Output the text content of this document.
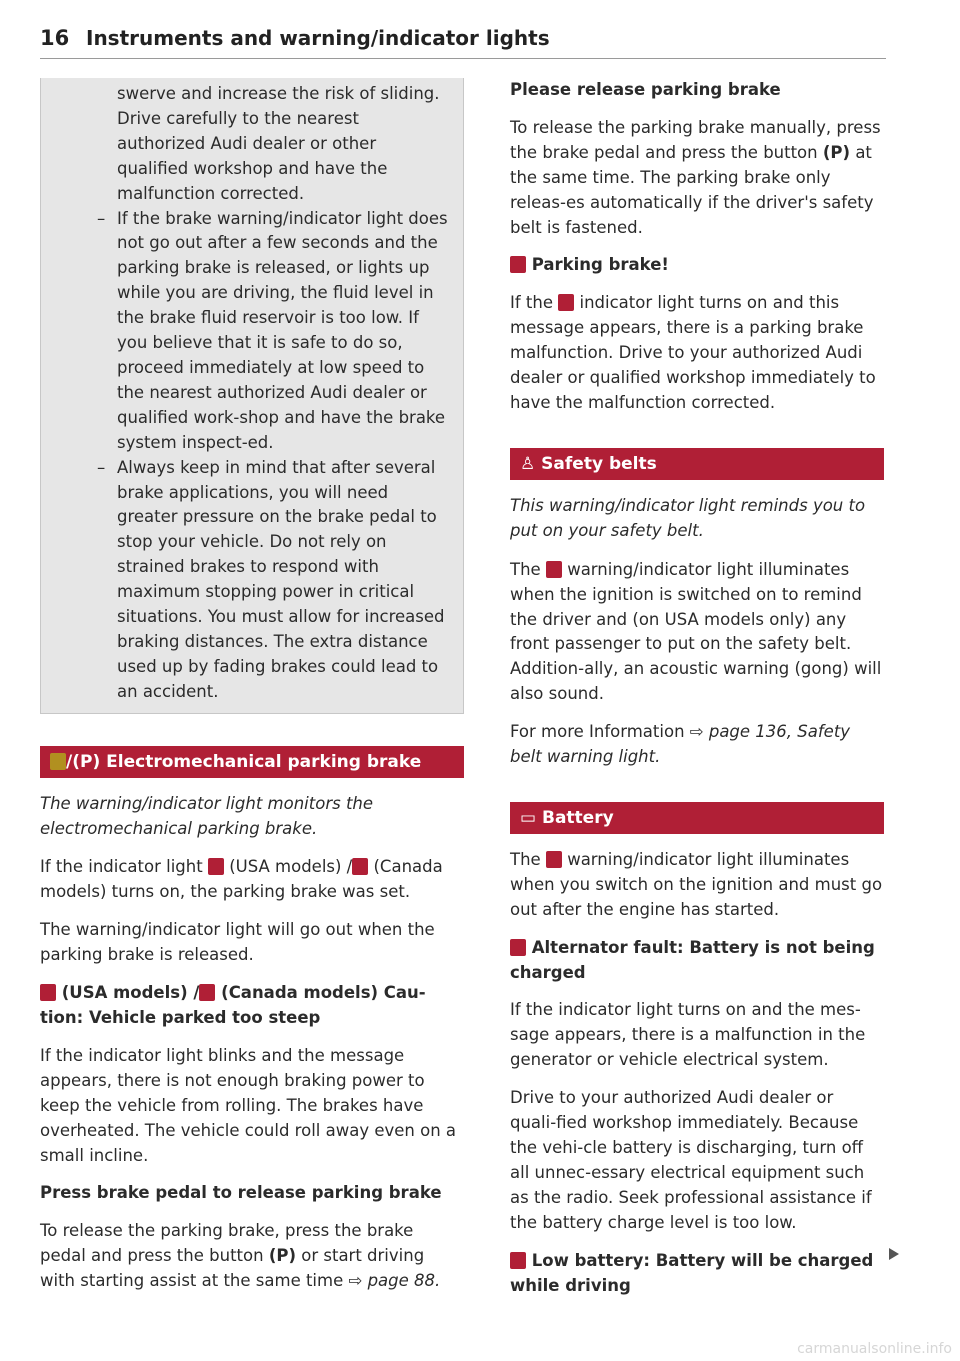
16 Instruments and warning/indicator lights

swerve and increase the risk of sliding. Drive carefully to the nearest authorized Audi dealer or other qualified workshop and have the malfunction corrected.

– If the brake warning/indicator light does not go out after a few seconds and the parking brake is released, or lights up while you are driving, the fluid level in the brake fluid reservoir is too low. If you believe that it is safe to do so, proceed immediately at low speed to the nearest authorized Audi dealer or qualified work-shop and have the brake system inspect-ed.

– Always keep in mind that after several brake applications, you will need greater pressure on the brake pedal to stop your vehicle. Do not rely on strained brakes to respond with maximum stopping power in critical situations. You must allow for increased braking distances. The extra distance used up by fading brakes could lead to an accident.

/(P) Electromechanical parking brake

The warning/indicator light monitors the electromechanical parking brake.

If the indicator light (USA models) / (Canada models) turns on, the parking brake was set.

The warning/indicator light will go out when the parking brake is released.

(USA models) / (Canada models) Cau-tion: Vehicle parked too steep

If the indicator light blinks and the message appears, there is not enough braking power to keep the vehicle from rolling. The brakes have overheated. The vehicle could roll away even on a small incline.

Press brake pedal to release parking brake

To release the parking brake, press the brake pedal and press the button (P) or start driving with starting assist at the same time ⇨ page 88.

Please release parking brake

To release the parking brake manually, press the brake pedal and press the button (P) at the same time. The parking brake only releas-es automatically if the driver's safety belt is fastened.

Parking brake!

If the indicator light turns on and this message appears, there is a parking brake malfunction. Drive to your authorized Audi dealer or qualified workshop immediately to have the malfunction corrected.

♙ Safety belts

This warning/indicator light reminds you to put on your safety belt.

The warning/indicator light illuminates when the ignition is switched on to remind the driver and (on USA models only) any front passenger to put on the safety belt. Addition-ally, an acoustic warning (gong) will also sound.

For more Information ⇨ page 136, Safety belt warning light.

▭ Battery

The warning/indicator light illuminates when you switch on the ignition and must go out after the engine has started.

Alternator fault: Battery is not being charged

If the indicator light turns on and the mes-sage appears, there is a malfunction in the generator or vehicle electrical system.

Drive to your authorized Audi dealer or quali-fied workshop immediately. Because the vehi-cle battery is discharging, turn off all unnec-essary electrical equipment such as the radio. Seek professional assistance if the battery charge level is too low.

Low battery: Battery will be charged while driving

carmanualsonline.info
